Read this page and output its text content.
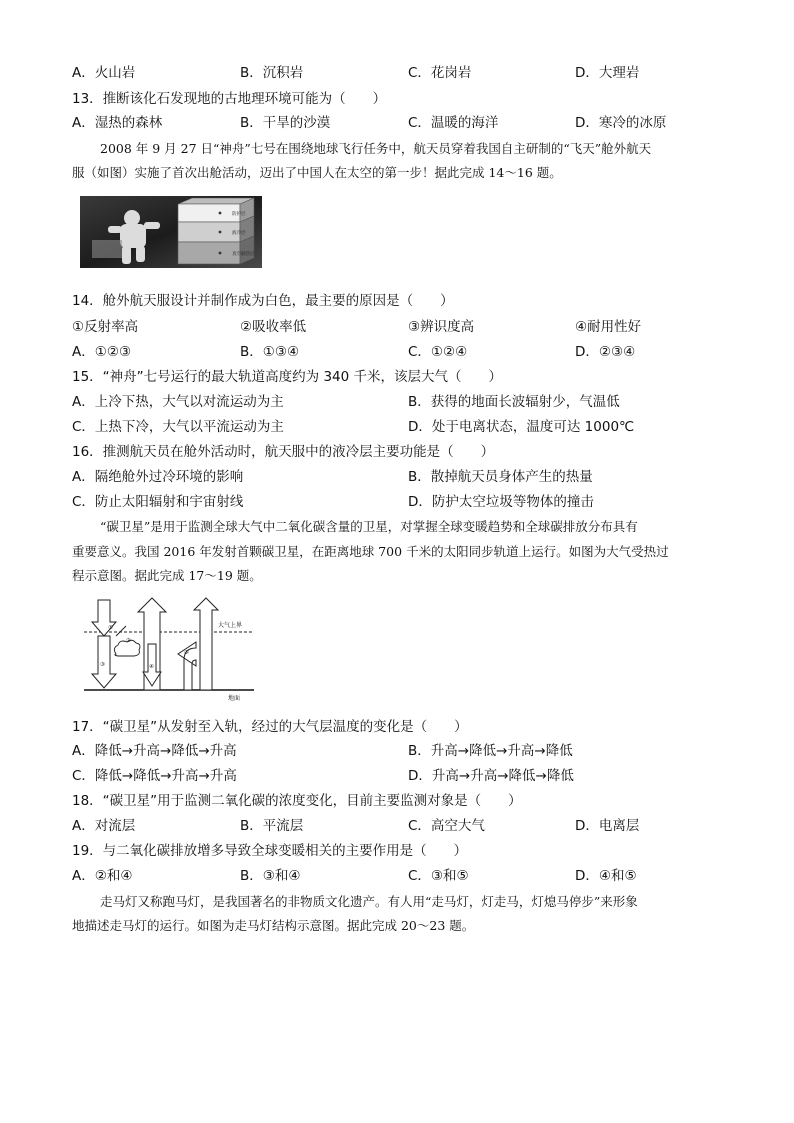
A．火山岩	B．沉积岩	C．花岗岩	D．大理岩
13．推断该化石发现地的古地理环境可能为（　　）
A．湿热的森林	B．干旱的沙漠	C．温暖的海洋	D．寒冷的冰原
2008 年 9 月 27 日“神舟”七号在围绕地球飞行任务中，航天员穿着我国自主研制的“飞天”舱外航天
服（如图）实施了首次出舱活动，迈出了中国人在太空的第一步！据此完成 14～16 题。
防护层
液冷层
真空隔热层
14．舱外航天服设计并制作成为白色，最主要的原因是（　　）
①反射率高	②吸收率低	③辨识度高	④耐用性好
A．①②③	B．①③④	C．①②④	D．②③④
15．“神舟”七号运行的最大轨道高度约为 340 千米，该层大气（　　）
A．上冷下热，大气以对流运动为主	B．获得的地面长波辐射少，气温低
C．上热下冷，大气以平流运动为主	D．处于电离状态，温度可达 1000℃
16．推测航天员在舱外活动时，航天服中的液冷层主要功能是（　　）
A．隔绝舱外过冷环境的影响	B．散掉航天员身体产生的热量
C．防止太阳辐射和宇宙射线	D．防护太空垃圾等物体的撞击
“碳卫星”是用于监测全球大气中二氧化碳含量的卫星，对掌握全球变暖趋势和全球碳排放分布具有
重要意义。我国 2016 年发射首颗碳卫星，在距离地球 700 千米的太阳同步轨道上运行。如图为大气受热过
程示意图。据此完成 17～19 题。
大气上界
地面
①
③
②
④
⑤
17．“碳卫星”从发射至入轨，经过的大气层温度的变化是（　　）
A．降低→升高→降低→升高	B．升高→降低→升高→降低
C．降低→降低→升高→升高	D．升高→升高→降低→降低
18．“碳卫星”用于监测二氧化碳的浓度变化，目前主要监测对象是（　　）
A．对流层	B．平流层	C．高空大气	D．电离层
19．与二氧化碳排放增多导致全球变暖相关的主要作用是（　　）
A．②和④	B．③和④	C．③和⑤	D．④和⑤
走马灯又称跑马灯，是我国著名的非物质文化遗产。有人用“走马灯，灯走马，灯熄马停步”来形象
地描述走马灯的运行。如图为走马灯结构示意图。据此完成 20～23 题。
